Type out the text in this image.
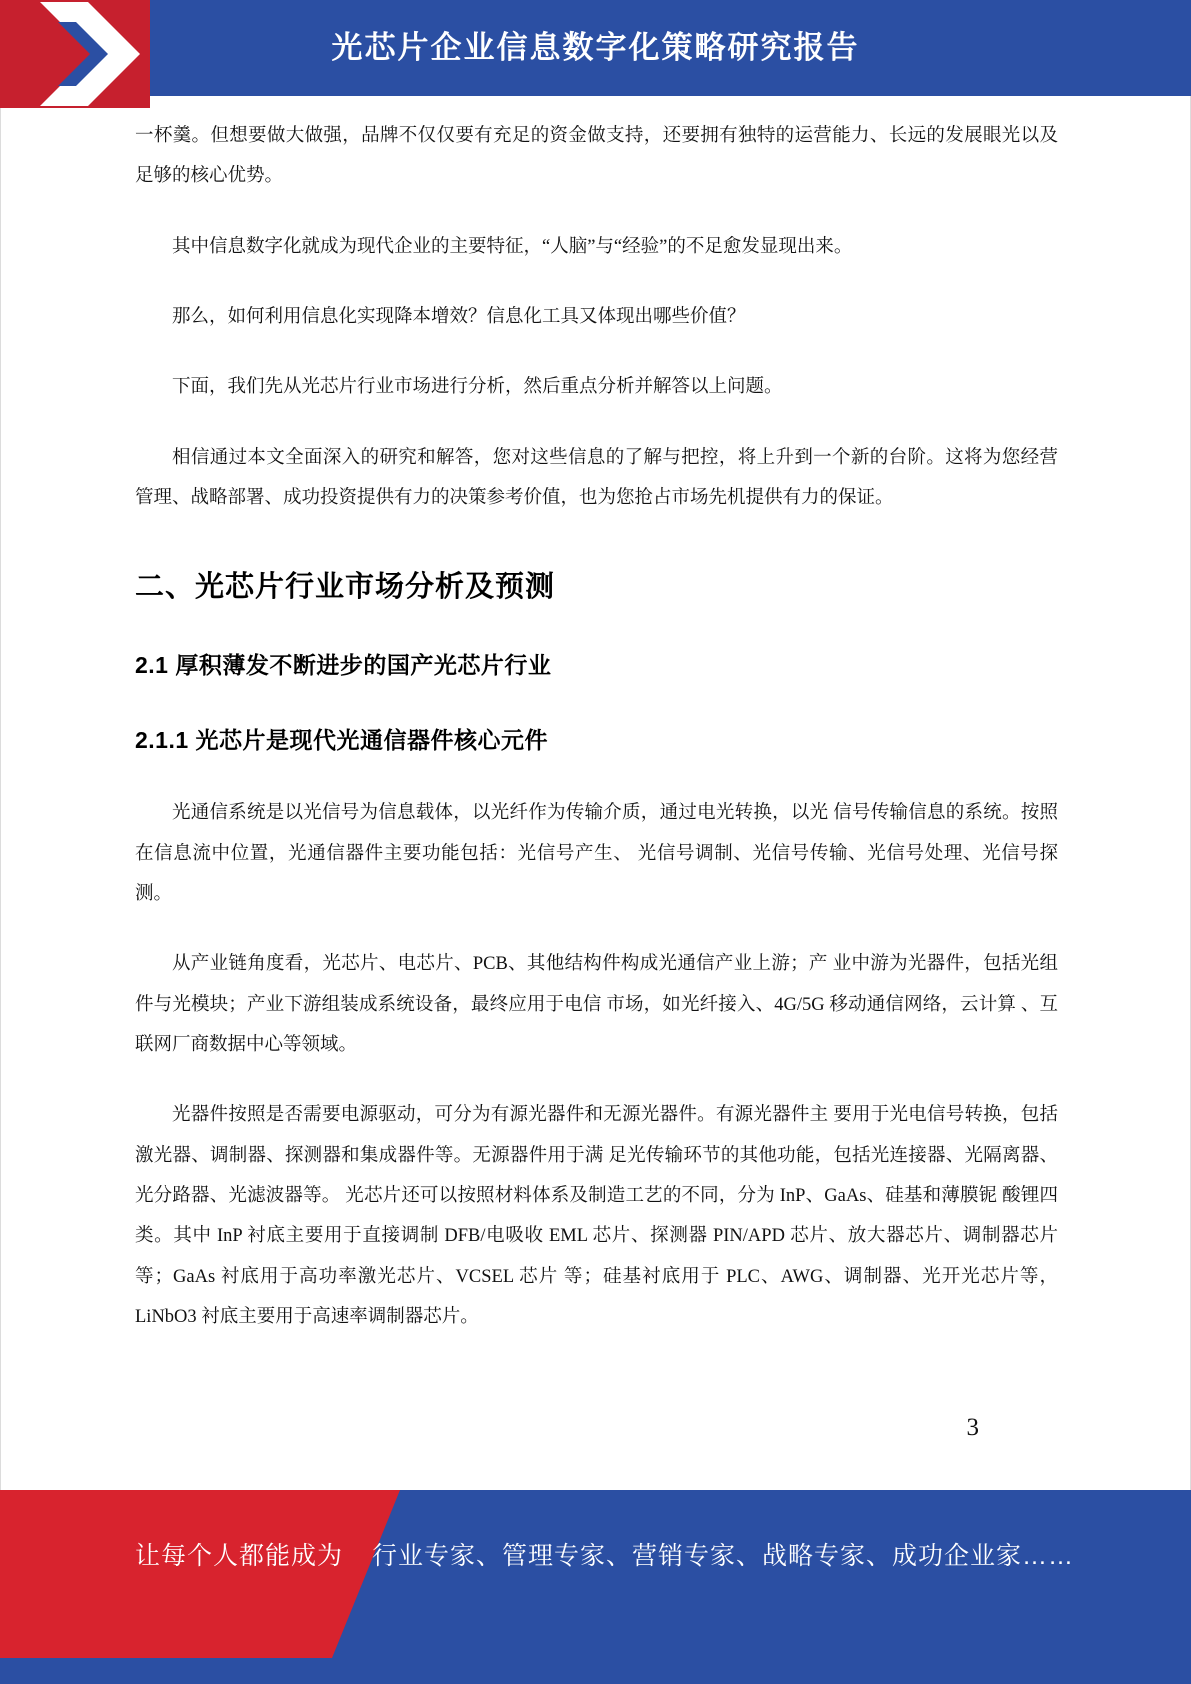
光芯片企业信息数字化策略研究报告

一杯羹。但想要做大做强，品牌不仅仅要有充足的资金做支持，还要拥有独特的运营能力、长远的发展眼光以及足够的核心优势。

其中信息数字化就成为现代企业的主要特征，“人脑”与“经验”的不足愈发显现出来。

那么，如何利用信息化实现降本增效？信息化工具又体现出哪些价值？

下面，我们先从光芯片行业市场进行分析，然后重点分析并解答以上问题。

相信通过本文全面深入的研究和解答，您对这些信息的了解与把控，将上升到一个新的台阶。这将为您经营管理、战略部署、成功投资提供有力的决策参考价值，也为您抢占市场先机提供有力的保证。

二、光芯片行业市场分析及预测
2.1 厚积薄发不断进步的国产光芯片行业
2.1.1 光芯片是现代光通信器件核心元件

光通信系统是以光信号为信息载体，以光纤作为传输介质，通过电光转换，以光 信号传输信息的系统。按照在信息流中位置，光通信器件主要功能包括：光信号产生、 光信号调制、光信号传输、光信号处理、光信号探测。

从产业链角度看，光芯片、电芯片、PCB、其他结构件构成光通信产业上游；产 业中游为光器件，包括光组件与光模块；产业下游组装成系统设备，最终应用于电信 市场，如光纤接入、4G/5G 移动通信网络，云计算 、互联网厂商数据中心等领域。

光器件按照是否需要电源驱动，可分为有源光器件和无源光器件。有源光器件主 要用于光电信号转换，包括激光器、调制器、探测器和集成器件等。无源器件用于满 足光传输环节的其他功能，包括光连接器、光隔离器、光分路器、光滤波器等。 光芯片还可以按照材料体系及制造工艺的不同，分为 InP、GaAs、硅基和薄膜铌 酸锂四类。其中 InP 衬底主要用于直接调制 DFB/电吸收 EML 芯片、探测器 PIN/APD 芯片、放大器芯片、调制器芯片等；GaAs 衬底用于高功率激光芯片、VCSEL 芯片 等；硅基衬底用于 PLC、AWG、调制器、光开光芯片等，LiNbO3 衬底主要用于高速率调制器芯片。

3
让每个人都能成为 行业专家、管理专家、营销专家、战略专家、成功企业家……
